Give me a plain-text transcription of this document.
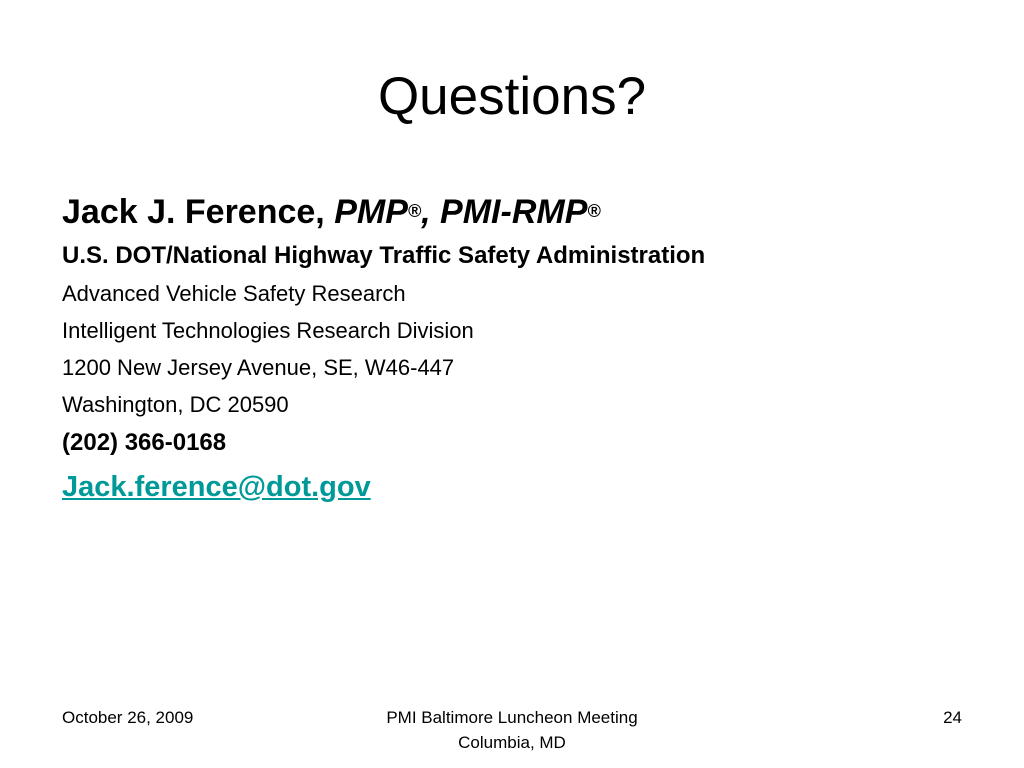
Questions?
Jack J. Ference, PMP®, PMI-RMP®
U.S. DOT/National Highway Traffic Safety Administration
Advanced Vehicle Safety Research
Intelligent Technologies Research Division
1200 New Jersey Avenue, SE, W46-447
Washington, DC 20590
(202) 366-0168
Jack.ference@dot.gov
October 26, 2009	PMI Baltimore Luncheon Meeting
Columbia, MD
24
